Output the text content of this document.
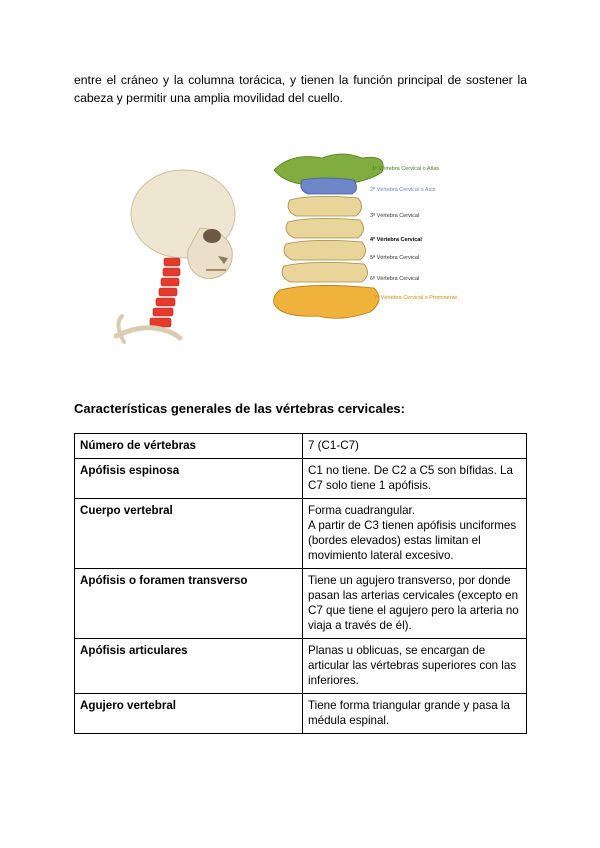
entre el cráneo y la columna torácica, y tienen la función principal de sostener la cabeza y permitir una amplia movilidad del cuello.

1ª Vértebra Cervical o Atlas
2ª Vértebra Cervical o Axis
3ª Vértebra Cervical
4ª Vértebra Cervical
5ª Vértebra Cervical
6ª Vértebra Cervical
7ª Vértebra Cervical o Prominente
Características generales de las vértebras cervicales:
Número de vértebras	7 (C1-C7)
Apófisis espinosa	C1 no tiene. De C2 a C5 son bífidas. La C7 solo tiene 1 apófisis.
Cuerpo vertebral	Forma cuadrangular.
A partir de C3 tienen apófisis unciformes (bordes elevados) estas limitan el movimiento lateral excesivo.
Apófisis o foramen transverso	Tiene un agujero transverso, por donde pasan las arterias cervicales (excepto en C7 que tiene el agujero pero la arteria no viaja a través de él).
Apófisis articulares	Planas u oblicuas, se encargan de articular las vértebras superiores con las inferiores.
Agujero vertebral	Tiene forma triangular grande y pasa la médula espinal.
